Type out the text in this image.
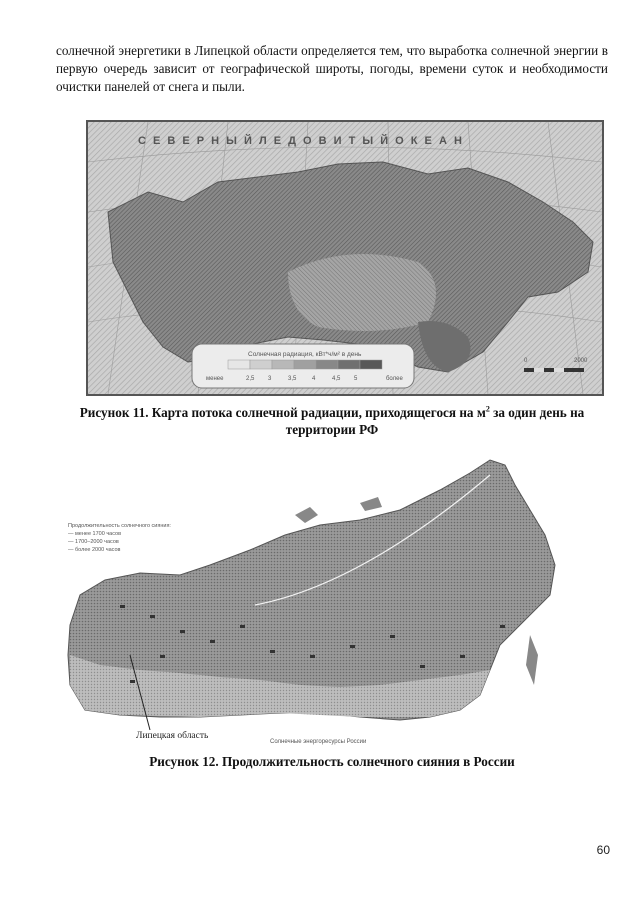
солнечной энергетики в Липецкой области определяется тем, что выработка солнечной энергии в первую очередь зависит от географической широты, погоды, времени суток и необходимости очистки панелей от снега и пыли.
С Е В Е Р Н Ы Й Л Е Д О В И Т Ы Й О К Е А Н
Солнечная радиация, кВт*ч/м² в день
менее	2,5 3	3,5	4	4,5 5	более
0	2000
Рисунок 11. Карта потока солнечной радиации, приходящегося на $м^2$ за один день на
территории РФ
Продолжительность солнечного сияния:
— менее 1700 часов
— 1700–2000 часов
— более 2000 часов
Липецкая область
Солнечные энергоресурсы России
Рисунок 12. Продолжительность солнечного сияния в России
60
